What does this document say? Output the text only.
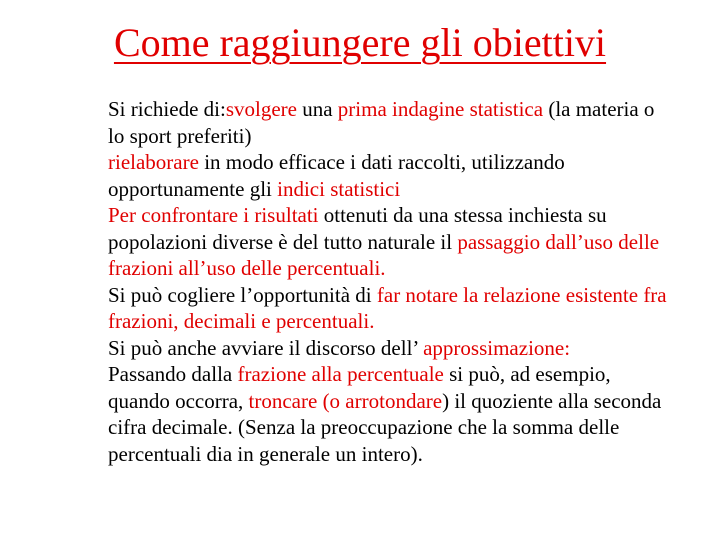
Come raggiungere gli obiettivi

Si richiede di:svolgere una prima indagine statistica (la materia o lo sport preferiti)

rielaborare in modo efficace i dati raccolti, utilizzando opportunamente gli indici statistici

Per confrontare i risultati ottenuti da una stessa inchiesta su popolazioni diverse è del tutto naturale il passaggio dall’uso delle frazioni all’uso delle percentuali.

Si può cogliere l’opportunità di far notare la relazione esistente fra frazioni, decimali e percentuali.

Si può anche avviare il discorso dell’ approssimazione:

Passando dalla frazione alla percentuale si può, ad esempio, quando occorra, troncare (o arrotondare) il quoziente alla seconda cifra decimale. (Senza la preoccupazione che la somma delle percentuali dia in generale un intero).
